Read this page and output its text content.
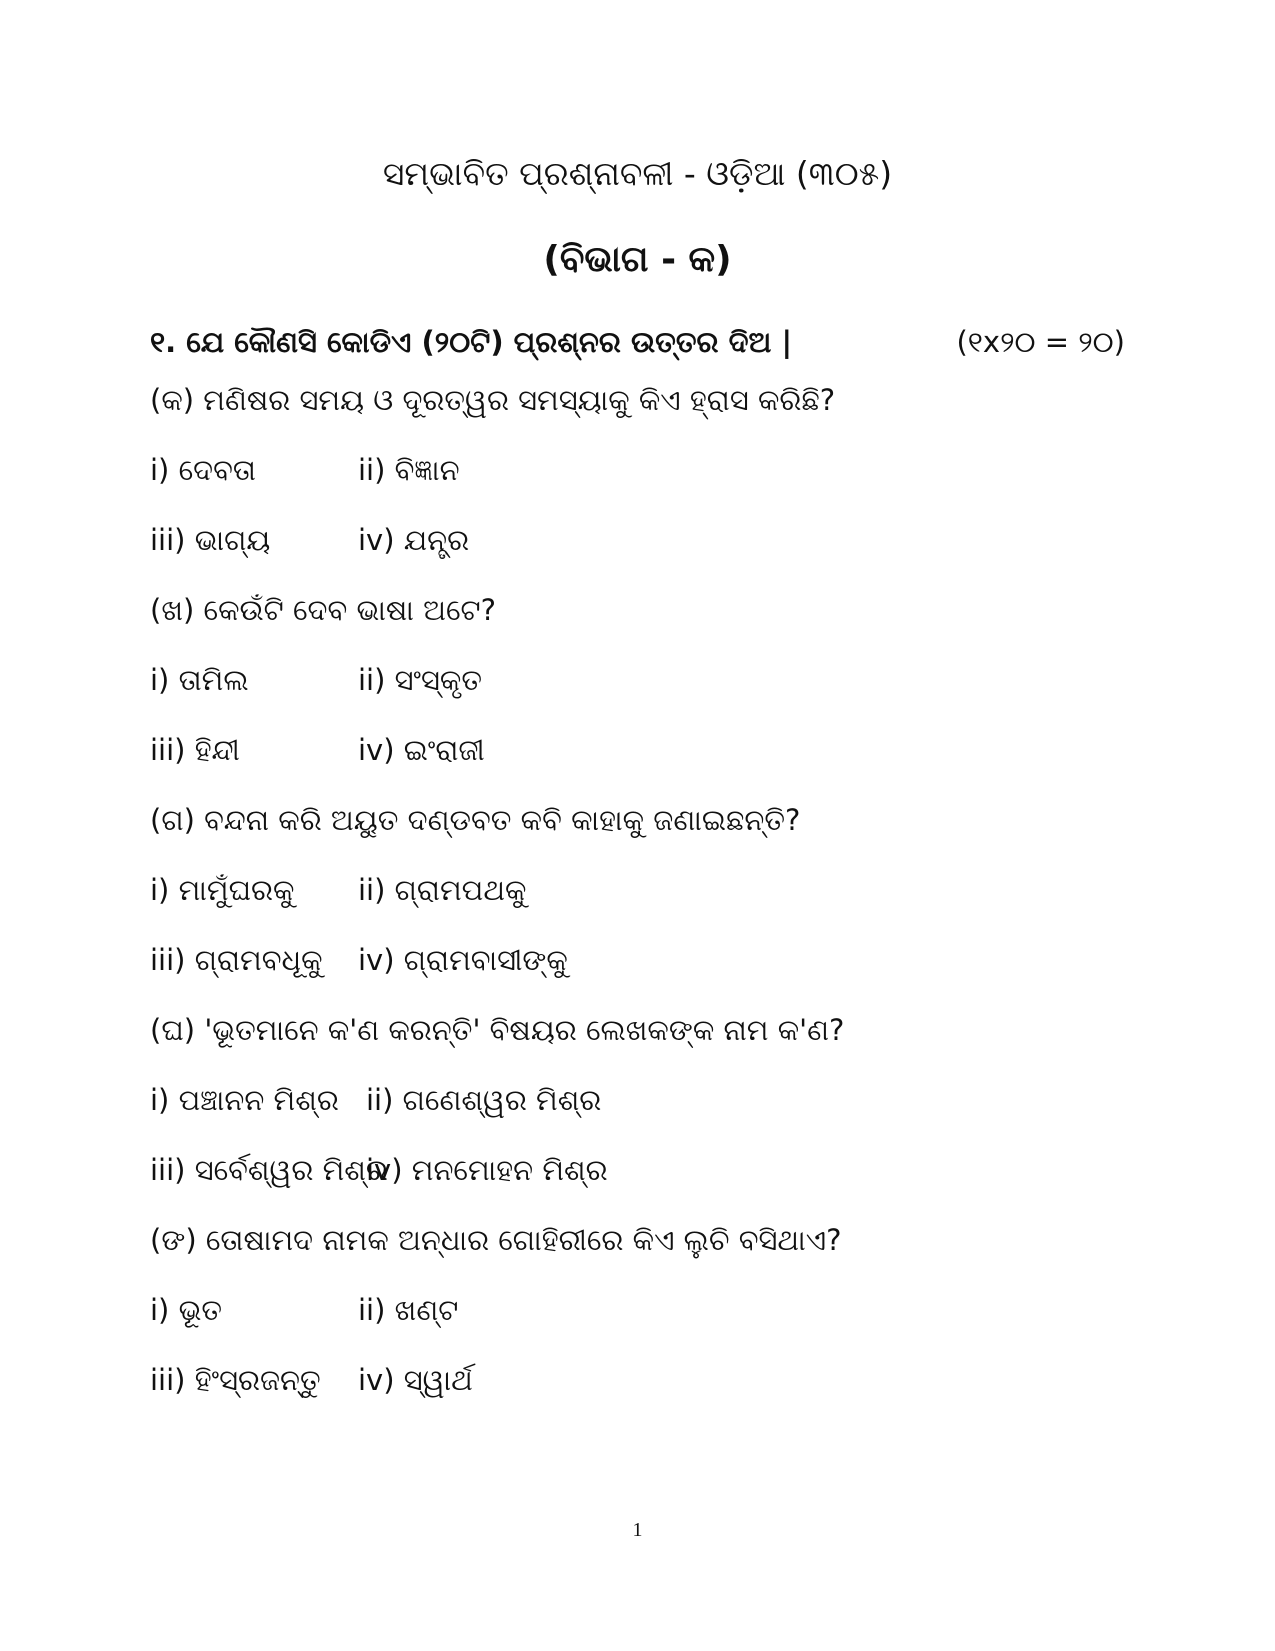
ସମ୍ଭାବିତ ପ୍ରଶ୍ନାବଳୀ - ଓଡ଼ିଆ (୩୦୫)
(ବିଭାଗ - କ)
୧. ଯେ କୌଣସି କୋଡିଏ (୨୦ଟି) ପ୍ରଶ୍ନର ଉତ୍ତର ଦିଅ |	(୧x୨୦ = ୨୦)
(କ) ମଣିଷର ସମୟ ଓ ଦୂରତ୍ୱର ସମସ୍ୟାକୁ କିଏ ହ୍ରାସ କରିଛି?
i) ଦେବତା	ii) ବିଜ୍ଞାନ
iii) ଭାଗ୍ୟ	iv) ଯନ୍ତ୍ର
(ଖ) କେଉଁଟି ଦେବ ଭାଷା ଅଟେ?
i) ତାମିଲ	ii) ସଂସ୍କୃତ
iii) ହିନ୍ଦୀ	iv) ଇଂରାଜୀ
(ଗ) ବନ୍ଦନା କରି ଅୟୁତ ଦଣ୍ଡବତ କବି କାହାକୁ ଜଣାଇଛନ୍ତି?
i) ମାମୁଁଘରକୁ ii) ଗ୍ରାମପଥକୁ
iii) ଗ୍ରାମବଧୂକୁ iv) ଗ୍ରାମବାସୀଙ୍କୁ
(ଘ) 'ଭୂତମାନେ କ'ଣ କରନ୍ତି' ବିଷୟର ଲେଖକଙ୍କ ନାମ କ'ଣ?
i) ପଞ୍ଚାନନ ମିଶ୍ର ii) ଗଣେଶ୍ୱର ମିଶ୍ର
iii) ସର୍ବେଶ୍ୱର ମିଶ୍ର
iv) ମନମୋହନ ମିଶ୍ର
(ଙ) ତୋଷାମଦ ନାମକ ଅନ୍ଧାର ଗୋହିରୀରେ କିଏ ଲୁଚି ବସିଥାଏ?
i) ଭୂତ	ii) ଖଣ୍ଟ
iii) ହିଂସ୍ରଜନ୍ତୁ iv) ସ୍ୱାର୍ଥ
1
